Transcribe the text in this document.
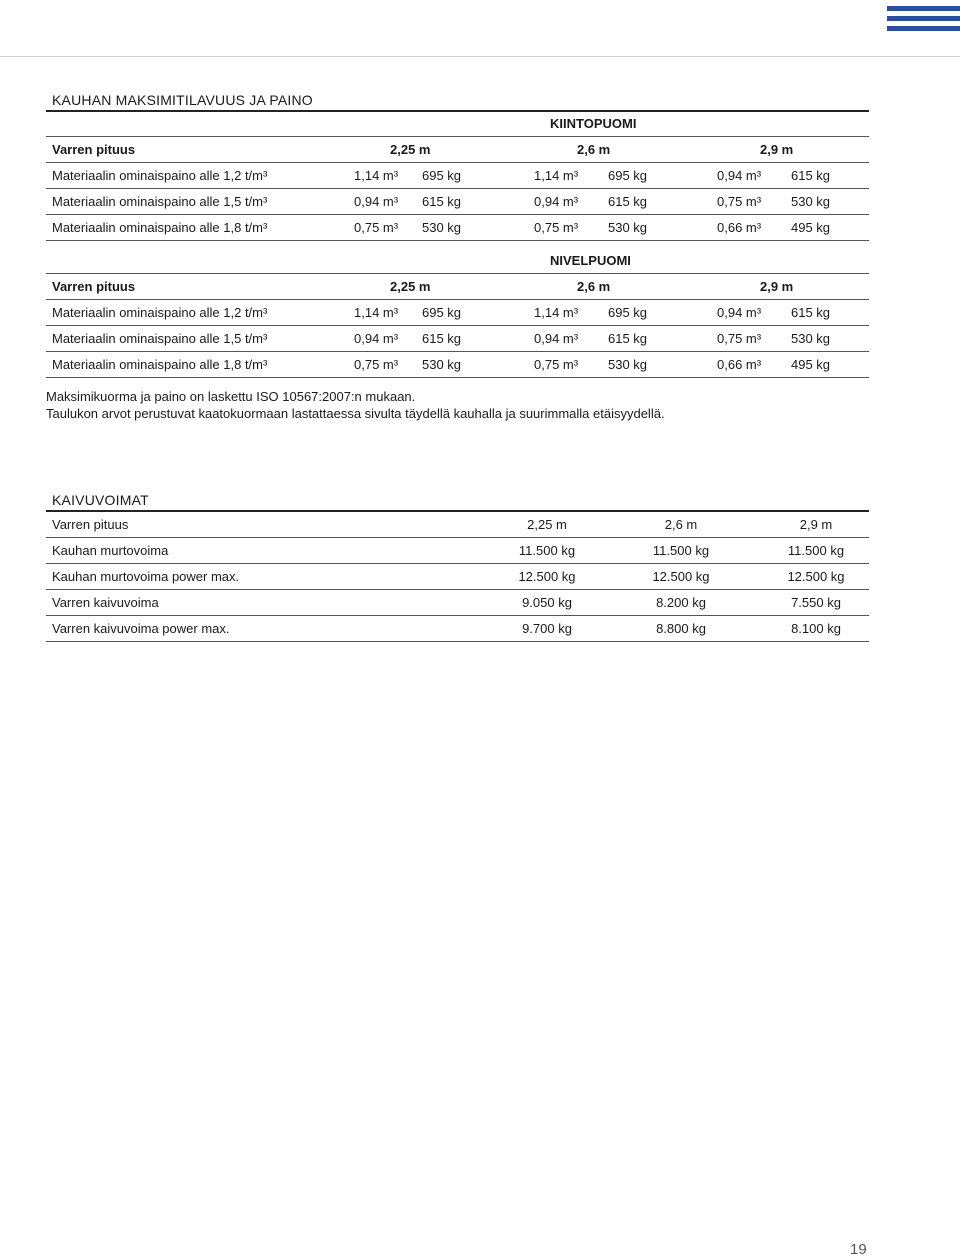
KAUHAN MAKSIMITILAVUUS JA PAINO
KIINTOPUOMI
Varren pituus	2,25 m	2,6 m	2,9 m
Materiaalin ominaispaino alle 1,2 t/m³	1,14 m³ 695 kg	1,14 m³ 695 kg	0,94 m³ 615 kg
Materiaalin ominaispaino alle 1,5 t/m³	0,94 m³ 615 kg	0,94 m³ 615 kg	0,75 m³ 530 kg
Materiaalin ominaispaino alle 1,8 t/m³	0,75 m³ 530 kg	0,75 m³ 530 kg	0,66 m³ 495 kg
NIVELPUOMI
Varren pituus	2,25 m	2,6 m	2,9 m
Materiaalin ominaispaino alle 1,2 t/m³	1,14 m³ 695 kg	1,14 m³ 695 kg	0,94 m³ 615 kg
Materiaalin ominaispaino alle 1,5 t/m³	0,94 m³ 615 kg	0,94 m³ 615 kg	0,75 m³ 530 kg
Materiaalin ominaispaino alle 1,8 t/m³	0,75 m³ 530 kg	0,75 m³ 530 kg	0,66 m³ 495 kg
Maksimikuorma ja paino on laskettu ISO 10567:2007:n mukaan.
Taulukon arvot perustuvat kaatokuormaan lastattaessa sivulta täydellä kauhalla ja suurimmalla etäisyydellä.
KAIVUVOIMAT
Varren pituus	2,25 m	2,6 m	2,9 m
Kauhan murtovoima	11.500 kg	11.500 kg	11.500 kg
Kauhan murtovoima power max.	12.500 kg	12.500 kg	12.500 kg
Varren kaivuvoima	9.050 kg	8.200 kg	7.550 kg
Varren kaivuvoima power max.	9.700 kg	8.800 kg	8.100 kg
19
